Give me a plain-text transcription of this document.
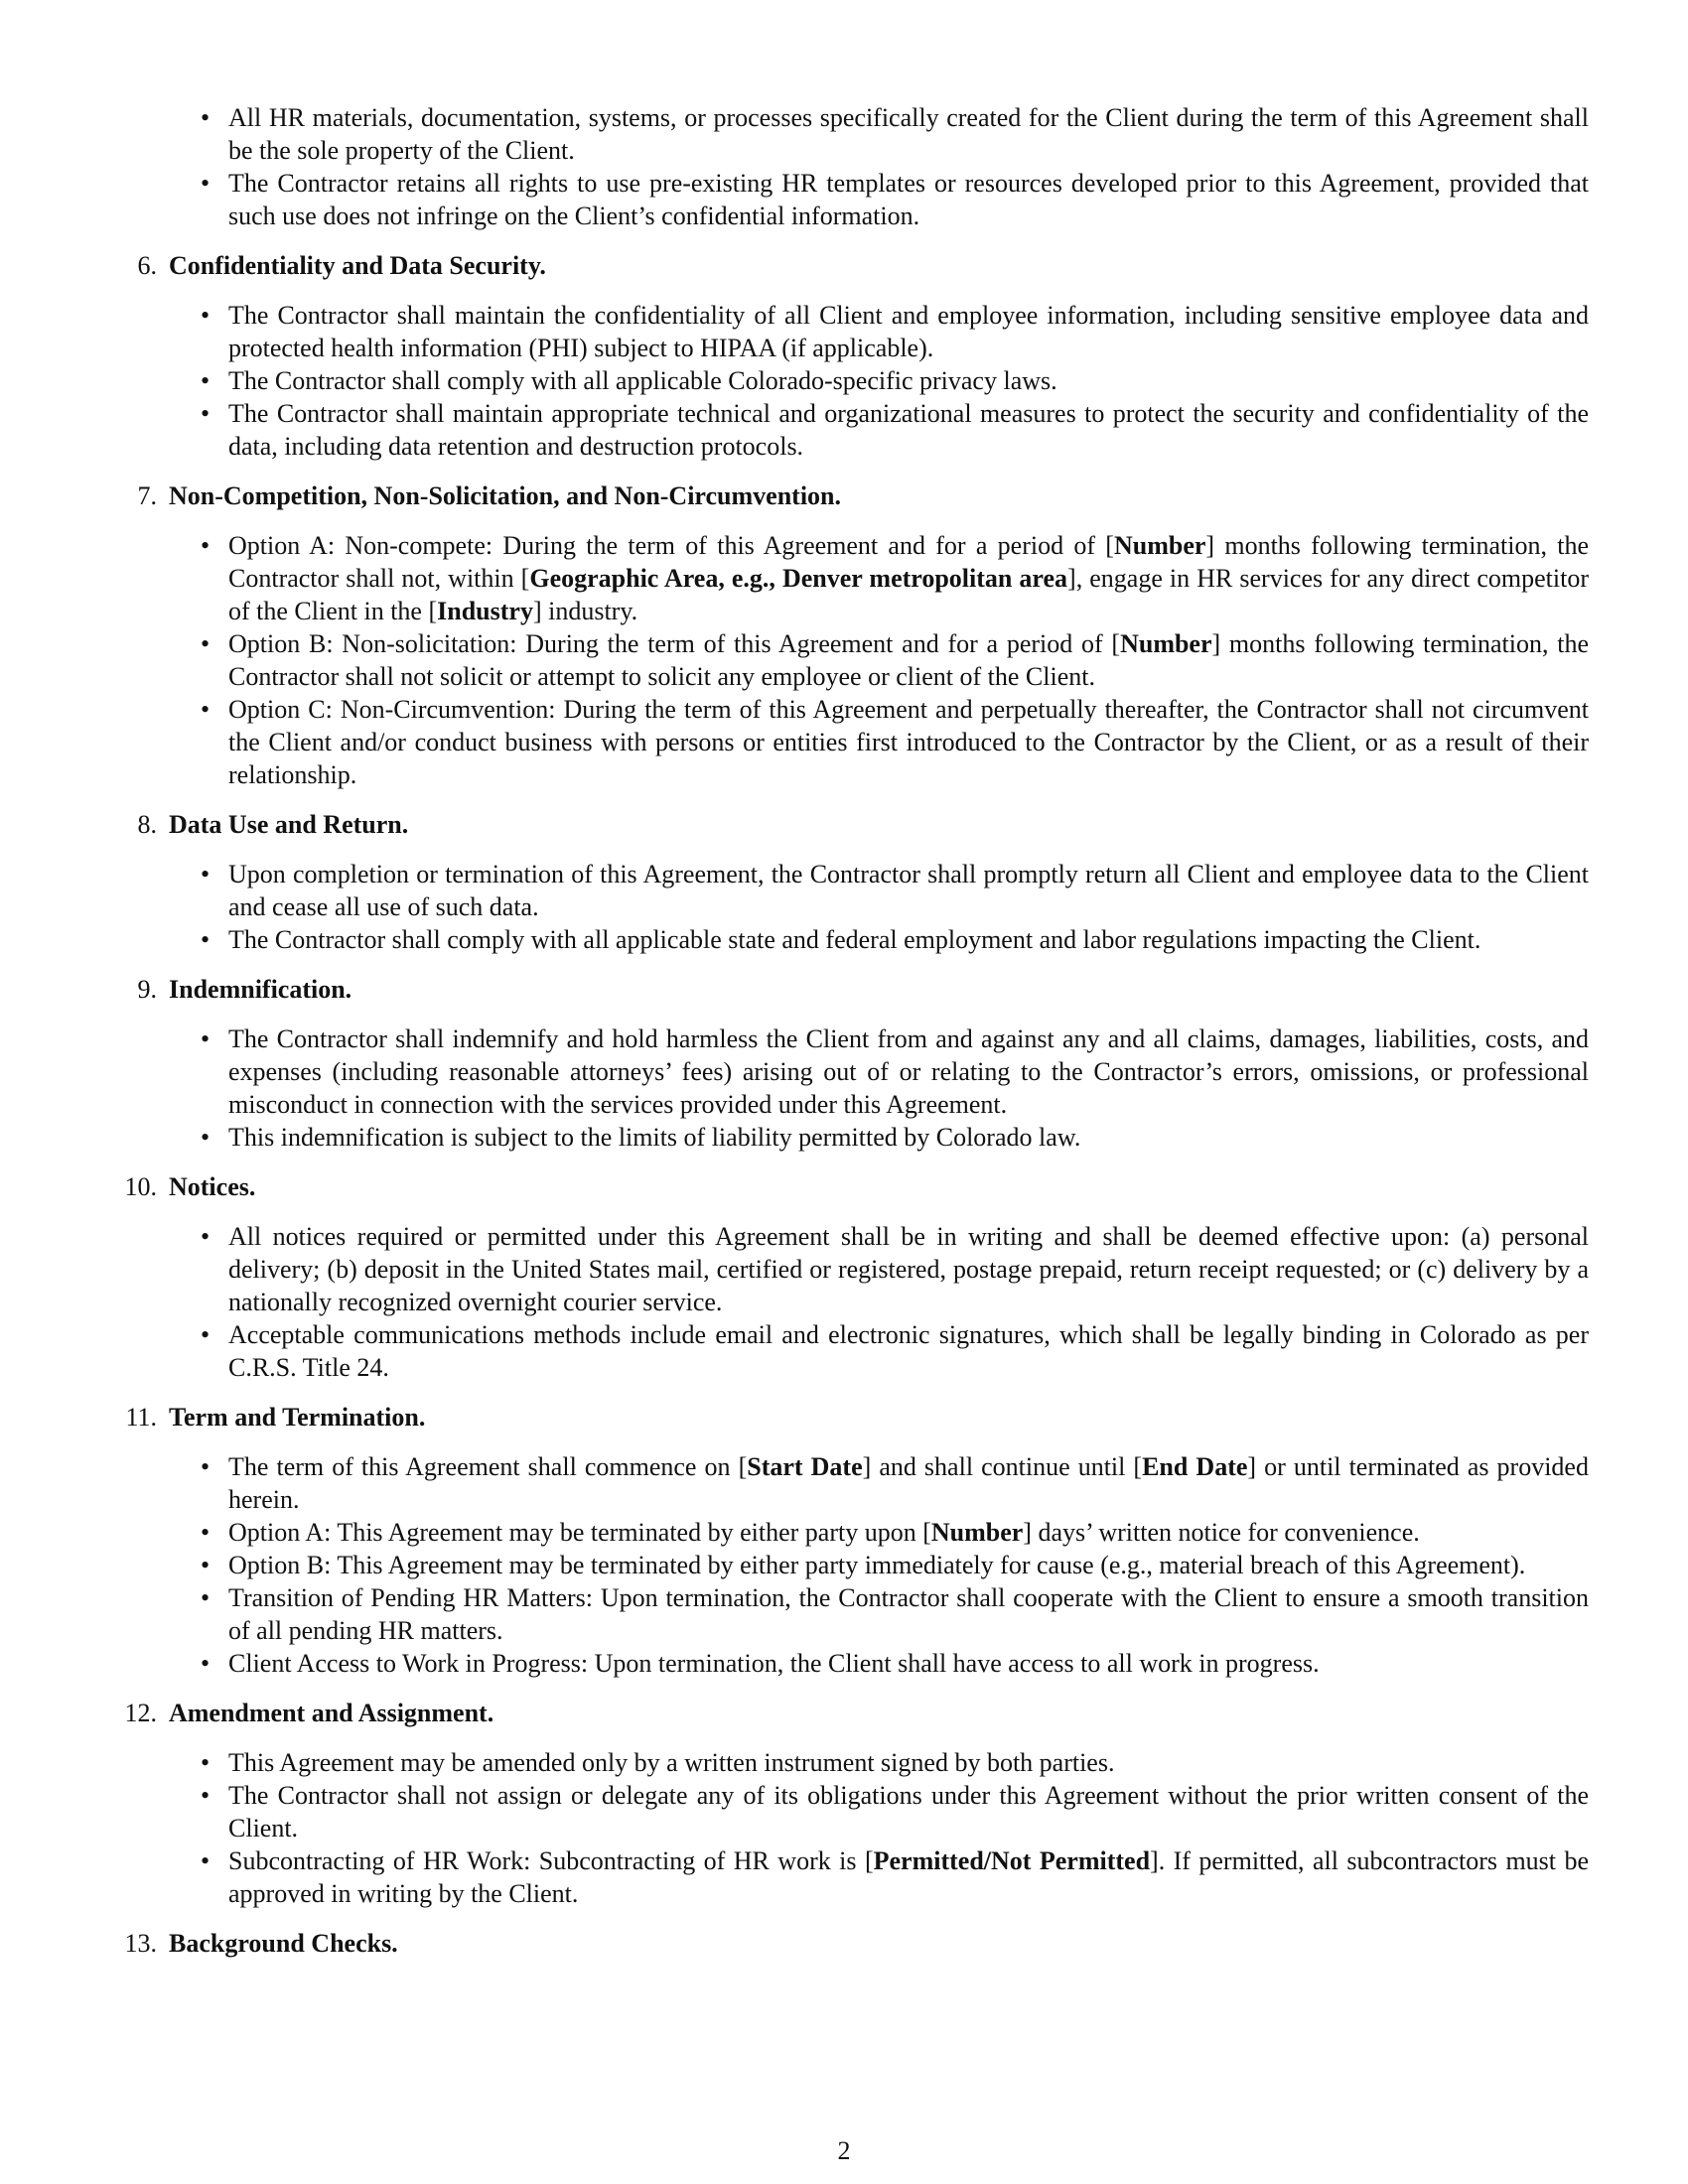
• All HR materials, documentation, systems, or processes specifically created for the Client during the term of this Agreement shall be the sole property of the Client.
• The Contractor retains all rights to use pre-existing HR templates or resources developed prior to this Agreement, provided that such use does not infringe on the Client’s confidential information.
6. Confidentiality and Data Security.
• The Contractor shall maintain the confidentiality of all Client and employee information, including sensitive employee data and protected health information (PHI) subject to HIPAA (if applicable).
• The Contractor shall comply with all applicable Colorado-specific privacy laws.
• The Contractor shall maintain appropriate technical and organizational measures to protect the security and confidentiality of the data, including data retention and destruction protocols.
7. Non-Competition, Non-Solicitation, and Non-Circumvention.
• Option A: Non-compete: During the term of this Agreement and for a period of [Number] months following termination, the Contractor shall not, within [Geographic Area, e.g., Denver metropolitan area], engage in HR services for any direct competitor of the Client in the [Industry] industry.
• Option B: Non-solicitation: During the term of this Agreement and for a period of [Number] months following termination, the Contractor shall not solicit or attempt to solicit any employee or client of the Client.
• Option C: Non-Circumvention: During the term of this Agreement and perpetually thereafter, the Contractor shall not circumvent the Client and/or conduct business with persons or entities first introduced to the Contractor by the Client, or as a result of their relationship.
8. Data Use and Return.
• Upon completion or termination of this Agreement, the Contractor shall promptly return all Client and employee data to the Client and cease all use of such data.
• The Contractor shall comply with all applicable state and federal employment and labor regulations impacting the Client.
9. Indemnification.
• The Contractor shall indemnify and hold harmless the Client from and against any and all claims, damages, liabilities, costs, and expenses (including reasonable attorneys’ fees) arising out of or relating to the Contractor’s errors, omissions, or professional misconduct in connection with the services provided under this Agreement.
• This indemnification is subject to the limits of liability permitted by Colorado law.
10. Notices.
• All notices required or permitted under this Agreement shall be in writing and shall be deemed effective upon: (a) personal delivery; (b) deposit in the United States mail, certified or registered, postage prepaid, return receipt requested; or (c) delivery by a nationally recognized overnight courier service.
• Acceptable communications methods include email and electronic signatures, which shall be legally binding in Colorado as per C.R.S. Title 24.
11. Term and Termination.
• The term of this Agreement shall commence on [Start Date] and shall continue until [End Date] or until terminated as provided herein.
• Option A: This Agreement may be terminated by either party upon [Number] days’ written notice for convenience.
• Option B: This Agreement may be terminated by either party immediately for cause (e.g., material breach of this Agreement).
• Transition of Pending HR Matters: Upon termination, the Contractor shall cooperate with the Client to ensure a smooth transition of all pending HR matters.
• Client Access to Work in Progress: Upon termination, the Client shall have access to all work in progress.
12. Amendment and Assignment.
• This Agreement may be amended only by a written instrument signed by both parties.
• The Contractor shall not assign or delegate any of its obligations under this Agreement without the prior written consent of the Client.
• Subcontracting of HR Work: Subcontracting of HR work is [Permitted/Not Permitted]. If permitted, all subcontractors must be approved in writing by the Client.
13. Background Checks.
2
